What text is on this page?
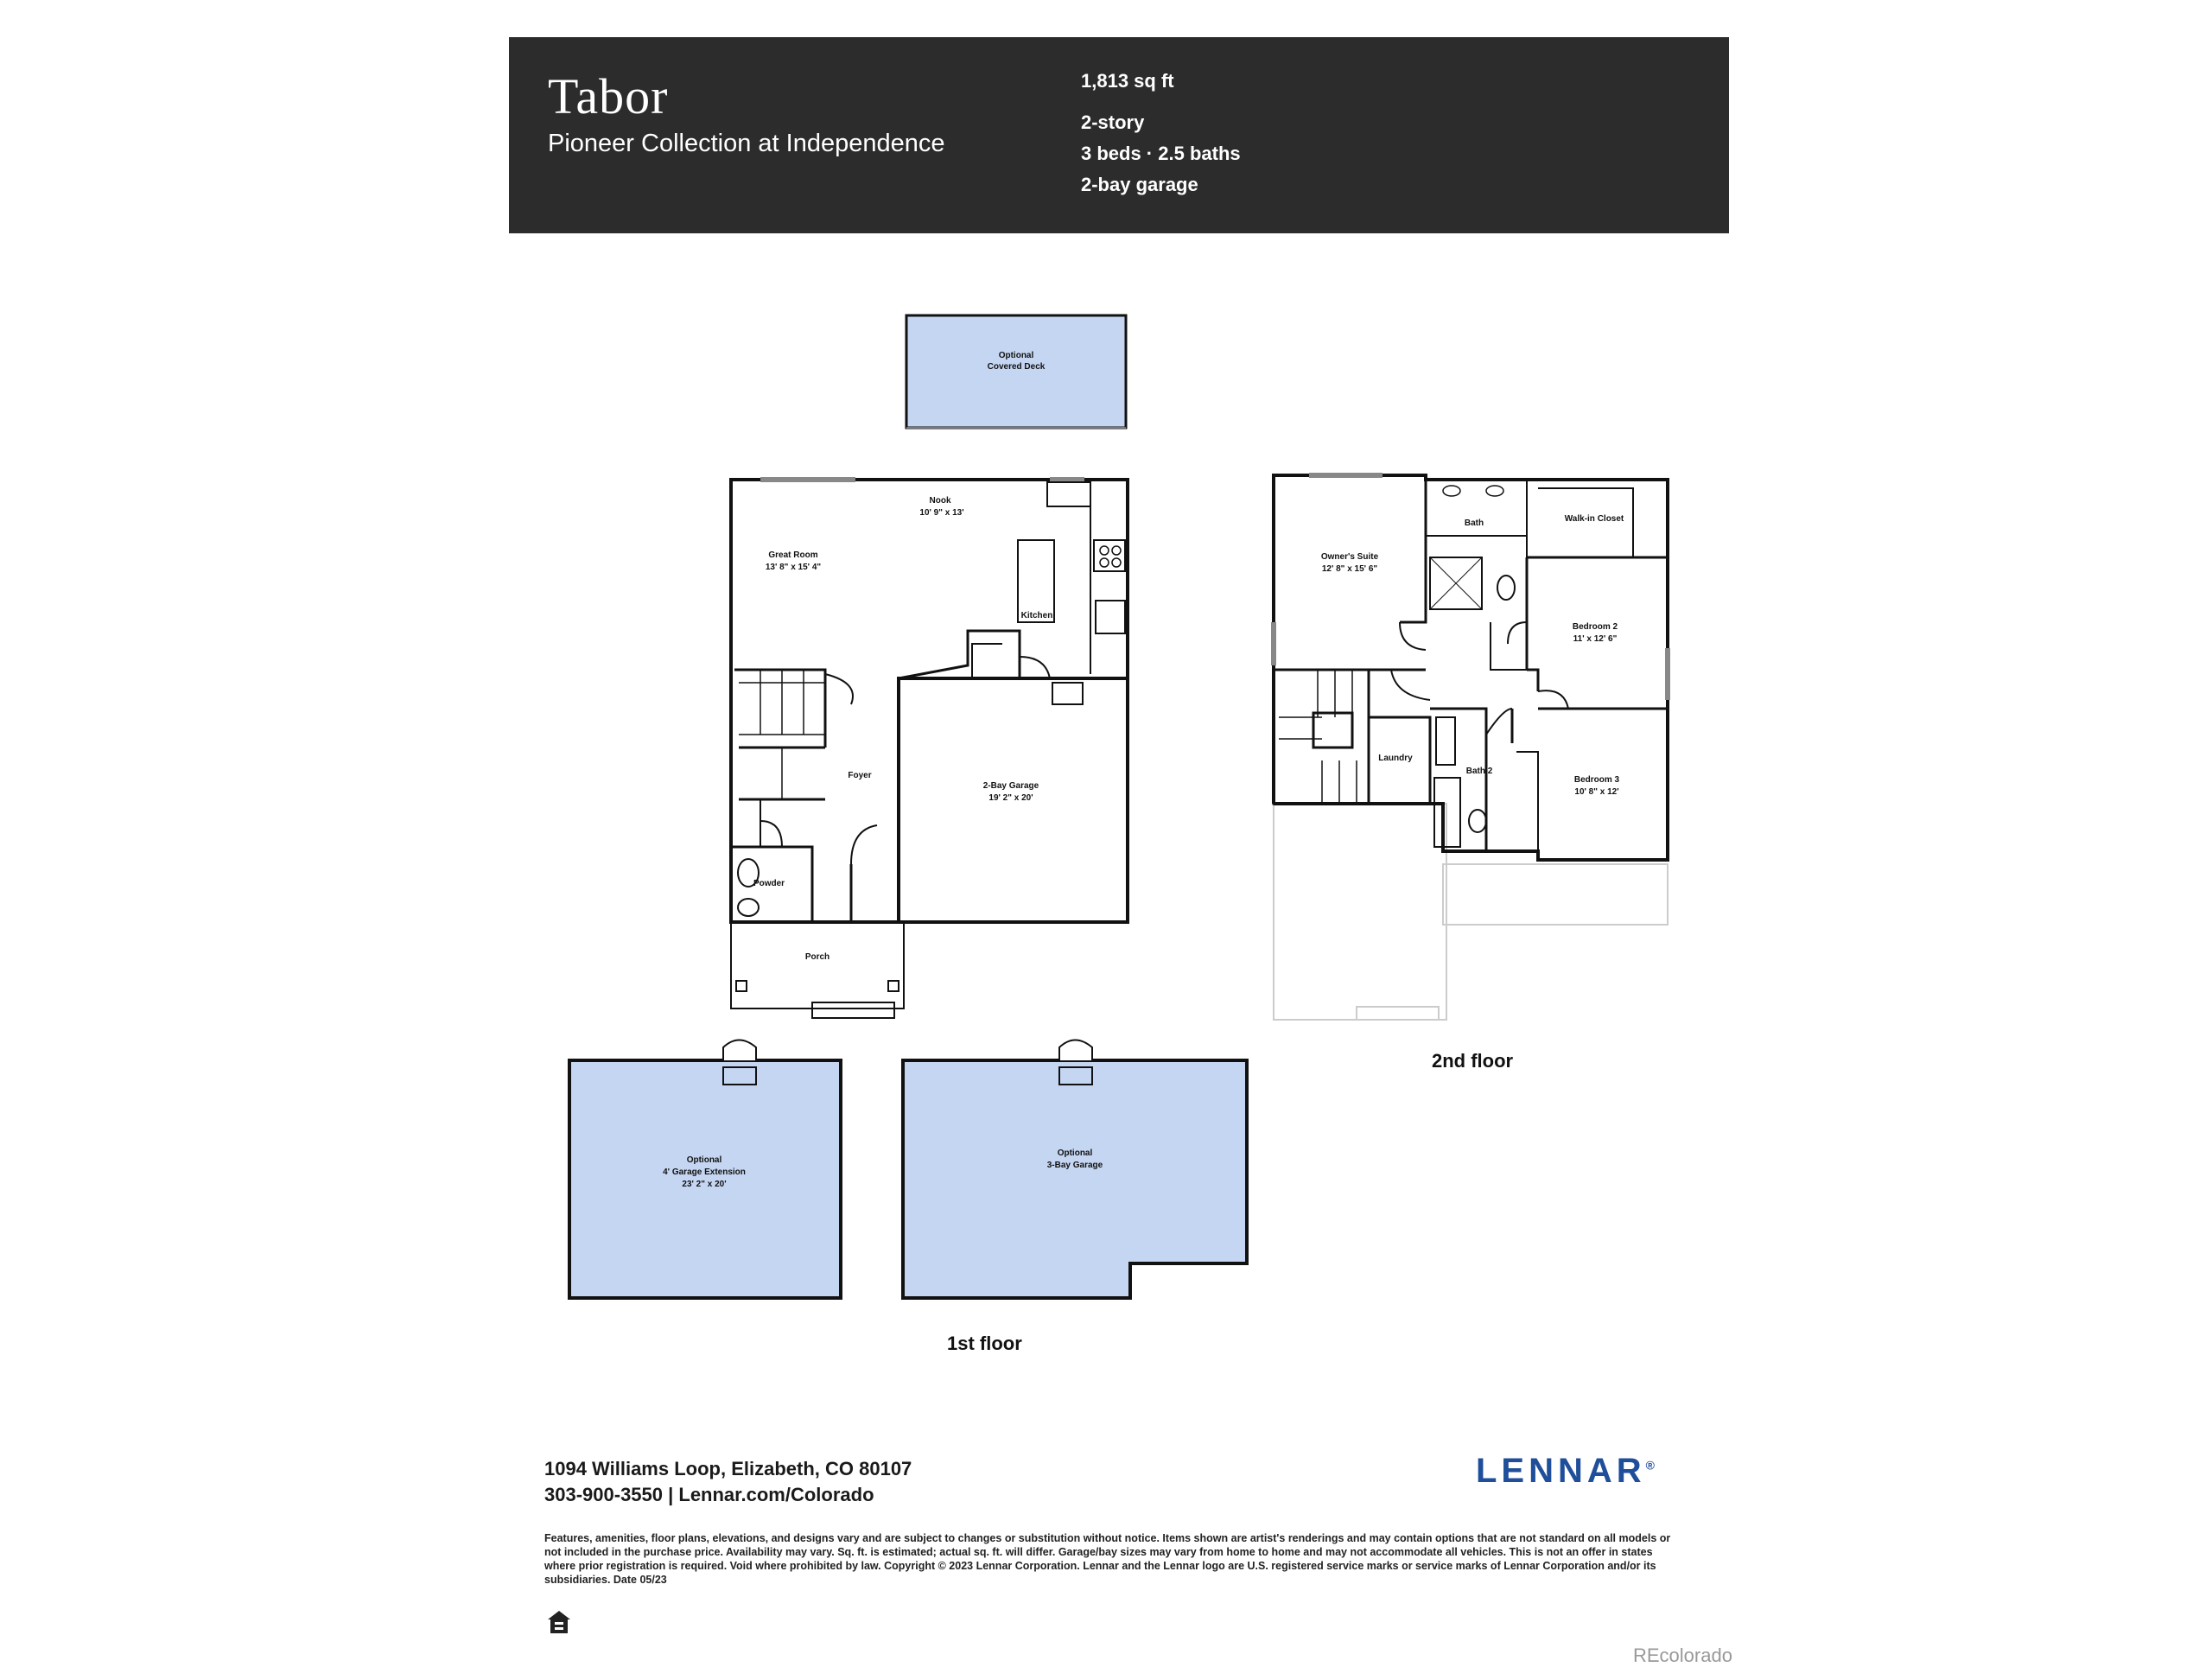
Tabor
Pioneer Collection at Independence
1,813 sq ft
2-story
3 beds · 2.5 baths
2-bay garage
Optional
Covered Deck
Nook
10' 9" x 13'
Great Room
13' 8" x 15' 4"
Kitchen
Foyer
2-Bay Garage
19' 2" x 20'
Powder
Porch
Optional
4' Garage Extension
23' 2" x 20'
Optional
3-Bay Garage
Owner's Suite
12' 8" x 15' 6"
Bath	Walk-in Closet
Bedroom 2
11' x 12' 6"
Laundry
Bath 2
Bedroom 3
10' 8" x 12'
1st floor
2nd floor
1094 Williams Loop, Elizabeth, CO 80107
303-900-3550 | Lennar.com/Colorado
LENNAR®
Features, amenities, floor plans, elevations, and designs vary and are subject to changes or substitution without notice. Items shown are artist's renderings and may contain options that are not standard on all models or not included in the purchase price. Availability may vary. Sq. ft. is estimated; actual sq. ft. will differ. Garage/bay sizes may vary from home to home and may not accommodate all vehicles. This is not an offer in states where prior registration is required. Void where prohibited by law. Copyright © 2023 Lennar Corporation. Lennar and the Lennar logo are U.S. registered service marks or service marks of Lennar Corporation and/or its subsidiaries. Date 05/23
REcolorado
